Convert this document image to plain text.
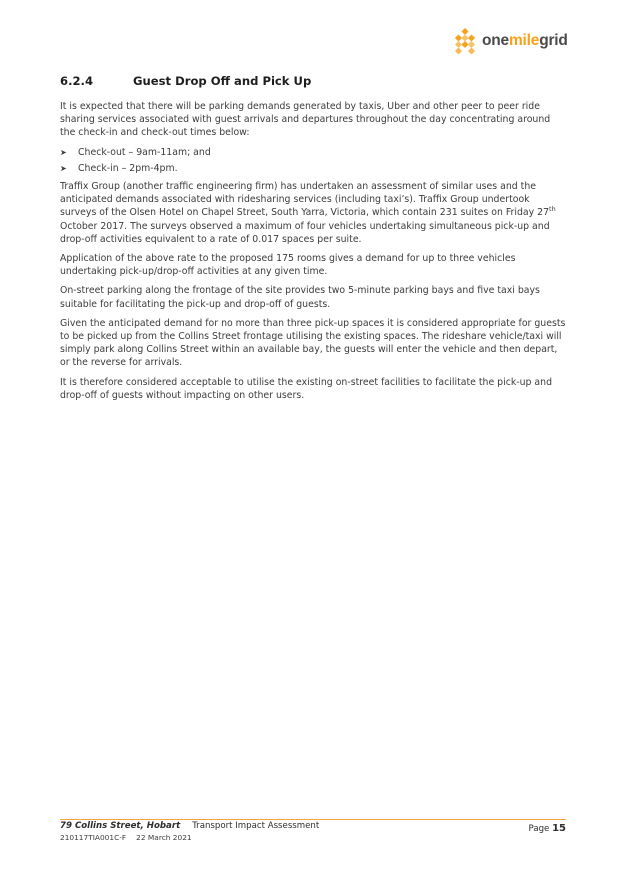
onemilegrid
6.2.4	Guest Drop Off and Pick Up

It is expected that there will be parking demands generated by taxis, Uber and other peer to peer ride sharing services associated with guest arrivals and departures throughout the day concentrating around the check-in and check-out times below:

➤ Check-out – 9am-11am; and
➤ Check-in – 2pm-4pm.

Traffix Group (another traffic engineering firm) has undertaken an assessment of similar uses and the anticipated demands associated with ridesharing services (including taxi’s). Traffix Group undertook surveys of the Olsen Hotel on Chapel Street, South Yarra, Victoria, which contain 231 suites on Friday 27th October 2017. The surveys observed a maximum of four vehicles undertaking simultaneous pick-up and drop-off activities equivalent to a rate of 0.017 spaces per suite.

Application of the above rate to the proposed 175 rooms gives a demand for up to three vehicles undertaking pick-up/drop-off activities at any given time.

On-street parking along the frontage of the site provides two 5-minute parking bays and five taxi bays suitable for facilitating the pick-up and drop-off of guests.

Given the anticipated demand for no more than three pick-up spaces it is considered appropriate for guests to be picked up from the Collins Street frontage utilising the existing spaces. The rideshare vehicle/taxi will simply park along Collins Street within an available bay, the guests will enter the vehicle and then depart, or the reverse for arrivals.

It is therefore considered acceptable to utilise the existing on-street facilities to facilitate the pick-up and drop-off of guests without impacting on other users.

79 Collins Street, Hobart Transport Impact Assessment
210117TIA001C-F 22 March 2021
Page 15
